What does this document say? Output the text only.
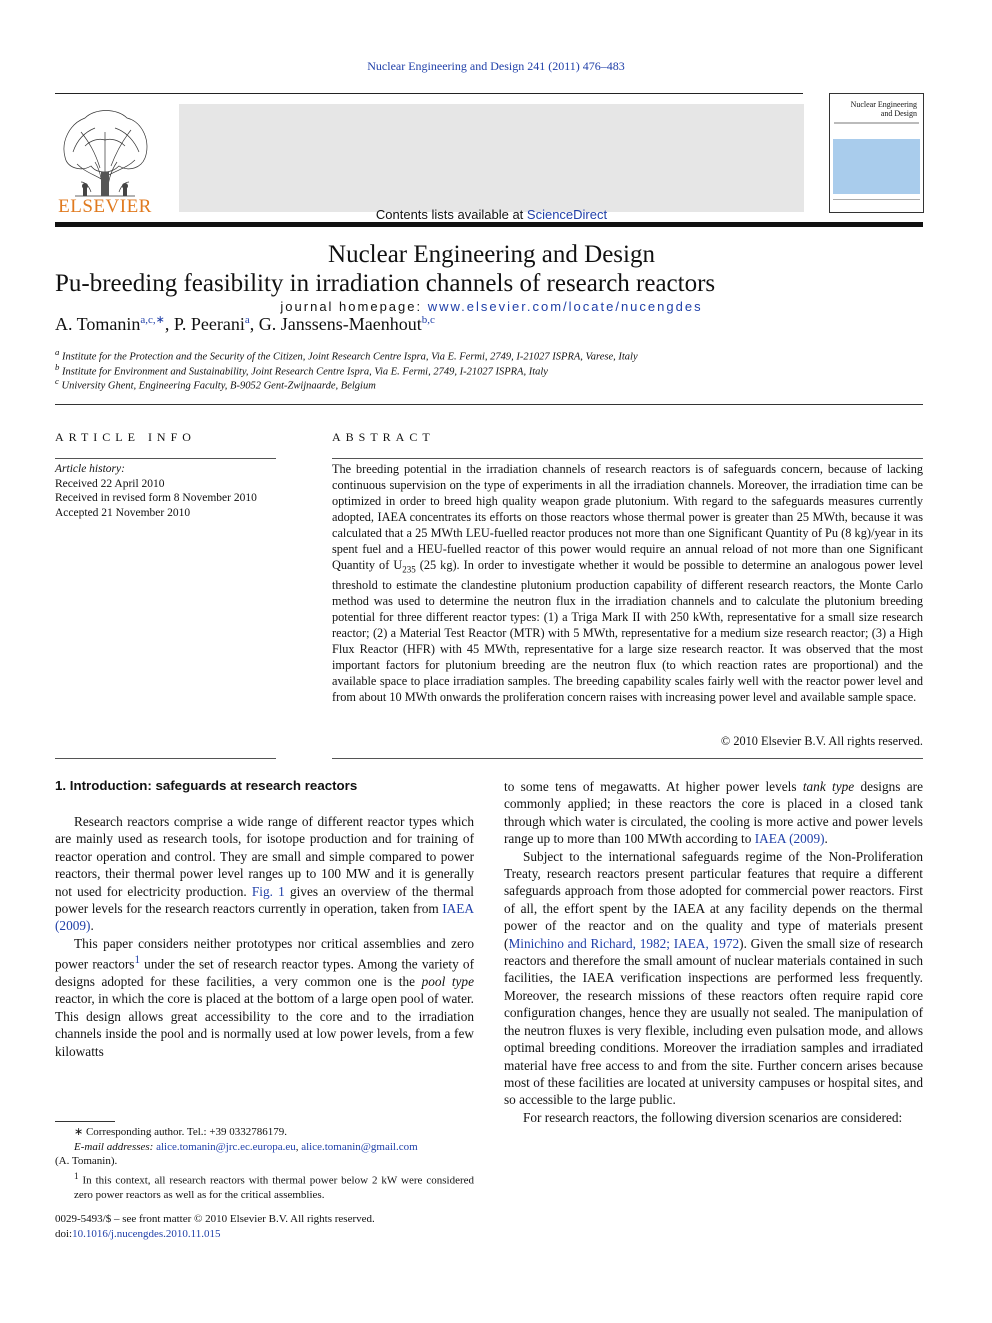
Nuclear Engineering and Design 241 (2011) 476–483
ELSEVIER	Contents lists available at ScienceDirect
Nuclear Engineering and Design
journal homepage: www.elsevier.com/locate/nucengdes
Nuclear Engineering and Design
Pu-breeding feasibility in irradiation channels of research reactors
A. Tomanin$^{a,c,∗}$, P. Peerani$^a$, G. Janssens-Maenhout$^{b,c}$
$^a$ Institute for the Protection and the Security of the Citizen, Joint Research Centre Ispra, Via E. Fermi, 2749, I-21027 ISPRA, Varese, Italy
$^b$ Institute for Environment and Sustainability, Joint Research Centre Ispra, Via E. Fermi, 2749, I-21027 ISPRA, Italy
$^c$ University Ghent, Engineering Faculty, B-9052 Gent-Zwijnaarde, Belgium
ARTICLE INFO	ABSTRACT
Article history:
Received 22 April 2010
Received in revised form 8 November 2010
Accepted 21 November 2010
The breeding potential in the irradiation channels of research reactors is of safeguards concern, because of lacking continuous supervision on the type of experiments in all the irradiation channels. Moreover, the irradiation time can be optimized in order to breed high quality weapon grade plutonium. With regard to the safeguards measures currently adopted, IAEA concentrates its efforts on those reactors whose thermal power is greater than 25 MWth, because it was calculated that a 25 MWth LEU-fuelled reactor produces not more than one Significant Quantity of Pu (8 kg)/year in its spent fuel and a HEU-fuelled reactor of this power would require an annual reload of not more than one Significant Quantity of $U_{235}$ (25 kg). In order to investigate whether it would be possible to determine an analogous power level threshold to estimate the clandestine plutonium production capability of different research reactors, the Monte Carlo method was used to determine the neutron flux in the irradiation channels and to calculate the plutonium breeding potential for three different reactor types: (1) a Triga Mark II with 250 kWth, representative for a small size research reactor; (2) a Material Test Reactor (MTR) with 5 MWth, representative for a medium size research reactor; (3) a High Flux Reactor (HFR) with 45 MWth, representative for a large size research reactor. It was observed that the most important factors for plutonium breeding are the neutron flux (to which reaction rates are proportional) and the available space to place irradiation samples. The breeding capability scales fairly well with the reactor power level and from about 10 MWth onwards the proliferation concern raises with increasing power level and available sample space.
© 2010 Elsevier B.V. All rights reserved.
1. Introduction: safeguards at research reactors

Research reactors comprise a wide range of different reactor types which are mainly used as research tools, for isotope production and for training of reactor operation and control. They are small and simple compared to power reactors, their thermal power level ranges up to 100 MW and it is generally not used for electricity production. Fig. 1 gives an overview of the thermal power levels for the research reactors currently in operation, taken from IAEA (2009).

This paper considers neither prototypes nor critical assemblies and zero power reactors$^1$ under the set of research reactor types. Among the variety of designs adopted for these facilities, a very common one is the pool type reactor, in which the core is placed at the bottom of a large open pool of water. This design allows great accessibility to the core and to the irradiation channels inside the pool and is normally used at low power levels, from a few kilowatts

to some tens of megawatts. At higher power levels tank type designs are commonly applied; in these reactors the core is placed in a closed tank through which water is circulated, the cooling is more active and power levels range up to more than 100 MWth according to IAEA (2009).

Subject to the international safeguards regime of the Non-Proliferation Treaty, research reactors present particular features that require a different safeguards approach from those adopted for commercial power reactors. First of all, the effort spent by the IAEA at any facility depends on the thermal power of the reactor and on the quality and type of materials present (Minichino and Richard, 1982; IAEA, 1972). Given the small size of research reactors and therefore the small amount of nuclear materials contained in such facilities, the IAEA verification inspections are performed less frequently. Moreover, the research missions of these reactors often require rapid core configuration changes, hence they are usually not sealed. The manipulation of the neutron fluxes is very flexible, including even pulsation mode, and allows optimal breeding conditions. Moreover the irradiation samples and irradiated material have free access to and from the site. Further concern arises because most of these facilities are located at university campuses or hospital sites, and so accessible to the large public.

For research reactors, the following diversion scenarios are considered:

∗ Corresponding author. Tel.: +39 0332786179.
E-mail addresses: alice.tomanin@jrc.ec.europa.eu, alice.tomanin@gmail.com
(A. Tomanin).
$^1$ In this context, all research reactors with thermal power below 2 kW were considered zero power reactors as well as for the critical assemblies.
0029-5493/$ – see front matter © 2010 Elsevier B.V. All rights reserved.
doi:10.1016/j.nucengdes.2010.11.015
